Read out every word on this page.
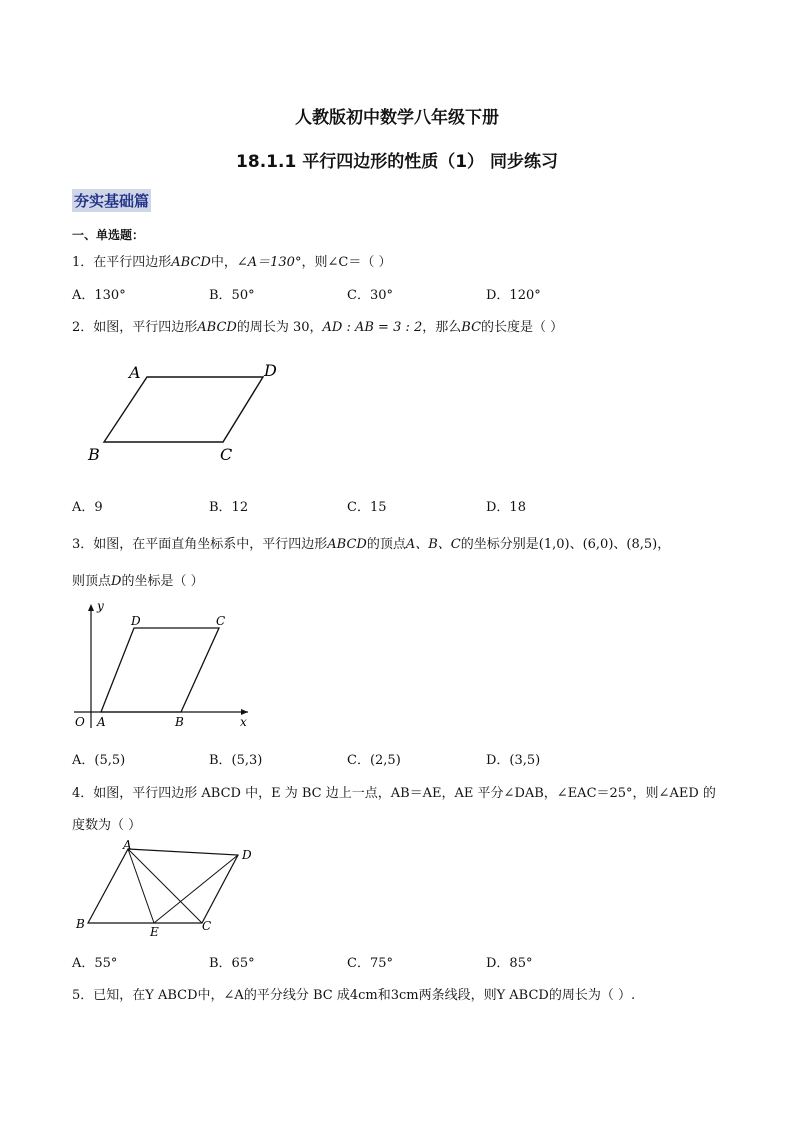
人教版初中数学八年级下册
18.1.1 平行四边形的性质（1） 同步练习
夯实基础篇
一、单选题：
1．在平行四边形ABCD中，∠A＝130°，则∠C＝（ ）
A．130°	B．50°	C．30°	D．120°
2．如图，平行四边形ABCD的周长为 30，AD : AB = 3 : 2，那么BC的长度是（ ）
A	D
B	C
A．9	B．12	C．15	D．18
3．如图，在平面直角坐标系中，平行四边形ABCD的顶点A、B、C的坐标分别是(1,0)、(6,0)、(8,5)，
则顶点D的坐标是（ ）
y
D	C
O A	B	x
A．(5,5)	B．(5,3)	C．(2,5)	D．(3,5)
4．如图，平行四边形 ABCD 中，E 为 BC 边上一点，AB＝AE，AE 平分∠DAB，∠EAC＝25°，则∠AED 的
度数为（ ）
A
D
B
E	C
A．55°	B．65°	C．75°	D．85°
5．已知，在Y ABCD中，∠A的平分线分 BC 成4cm和3cm两条线段，则Y ABCD的周长为（ ）.
